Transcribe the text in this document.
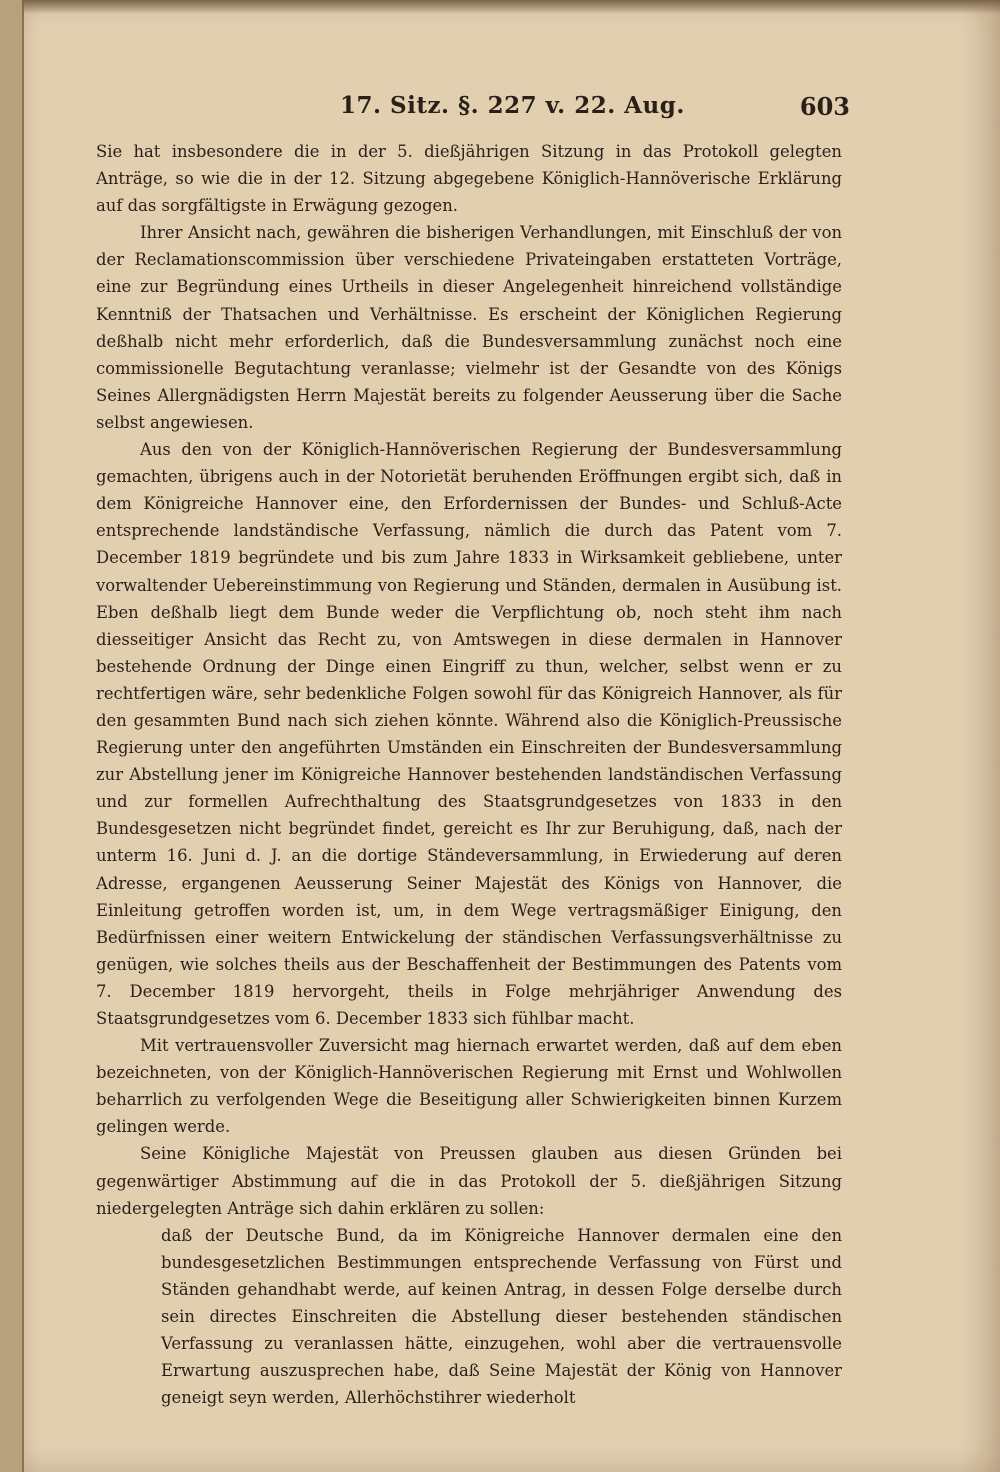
17. Sitz. §. 227 v. 22. Aug.	603

Sie hat insbesondere die in der 5. dießjährigen Sitzung in das Protokoll gelegten Anträge, so wie die in der 12. Sitzung abgegebene Königlich-Hannöverische Erklärung auf das sorgfältigste in Erwägung gezogen.

Ihrer Ansicht nach, gewähren die bisherigen Verhandlungen, mit Einschluß der von der Reclamationscommission über verschiedene Privateingaben erstatteten Vorträge, eine zur Begründung eines Urtheils in dieser Angelegenheit hinreichend vollständige Kenntniß der Thatsachen und Verhältnisse. Es erscheint der Königlichen Regierung deßhalb nicht mehr erforderlich, daß die Bundesversammlung zunächst noch eine commissionelle Begutachtung veranlasse; vielmehr ist der Gesandte von des Königs Seines Allergnädigsten Herrn Majestät bereits zu folgender Aeusserung über die Sache selbst angewiesen.

Aus den von der Königlich-Hannöverischen Regierung der Bundesversammlung gemachten, übrigens auch in der Notorietät beruhenden Eröffnungen ergibt sich, daß in dem Königreiche Hannover eine, den Erfordernissen der Bundes- und Schluß-Acte entsprechende landständische Verfassung, nämlich die durch das Patent vom 7. December 1819 begründete und bis zum Jahre 1833 in Wirksamkeit gebliebene, unter vorwaltender Uebereinstimmung von Regierung und Ständen, dermalen in Ausübung ist. Eben deßhalb liegt dem Bunde weder die Verpflichtung ob, noch steht ihm nach diesseitiger Ansicht das Recht zu, von Amtswegen in diese dermalen in Hannover bestehende Ordnung der Dinge einen Eingriff zu thun, welcher, selbst wenn er zu rechtfertigen wäre, sehr bedenkliche Folgen sowohl für das Königreich Hannover, als für den gesammten Bund nach sich ziehen könnte. Während also die Königlich-Preussische Regierung unter den angeführten Umständen ein Einschreiten der Bundesversammlung zur Abstellung jener im Königreiche Hannover bestehenden landständischen Verfassung und zur formellen Aufrechthaltung des Staatsgrundgesetzes von 1833 in den Bundesgesetzen nicht begründet findet, gereicht es Ihr zur Beruhigung, daß, nach der unterm 16. Juni d. J. an die dortige Ständeversammlung, in Erwiederung auf deren Adresse, ergangenen Aeusserung Seiner Majestät des Königs von Hannover, die Einleitung getroffen worden ist, um, in dem Wege vertragsmäßiger Einigung, den Bedürfnissen einer weitern Entwickelung der ständischen Verfassungsverhältnisse zu genügen, wie solches theils aus der Beschaffenheit der Bestimmungen des Patents vom 7. December 1819 hervorgeht, theils in Folge mehrjähriger Anwendung des Staatsgrundgesetzes vom 6. December 1833 sich fühlbar macht.

Mit vertrauensvoller Zuversicht mag hiernach erwartet werden, daß auf dem eben bezeichneten, von der Königlich-Hannöverischen Regierung mit Ernst und Wohlwollen beharrlich zu verfolgenden Wege die Beseitigung aller Schwierigkeiten binnen Kurzem gelingen werde.

Seine Königliche Majestät von Preussen glauben aus diesen Gründen bei gegenwärtiger Abstimmung auf die in das Protokoll der 5. dießjährigen Sitzung niedergelegten Anträge sich dahin erklären zu sollen:

daß der Deutsche Bund, da im Königreiche Hannover dermalen eine den bundesgesetzlichen Bestimmungen entsprechende Verfassung von Fürst und Ständen gehandhabt werde, auf keinen Antrag, in dessen Folge derselbe durch sein directes Einschreiten die Abstellung dieser bestehenden ständischen Verfassung zu veranlassen hätte, einzugehen, wohl aber die vertrauensvolle Erwartung auszusprechen habe, daß Seine Majestät der König von Hannover geneigt seyn werden, Allerhöchstihrer wiederholt
